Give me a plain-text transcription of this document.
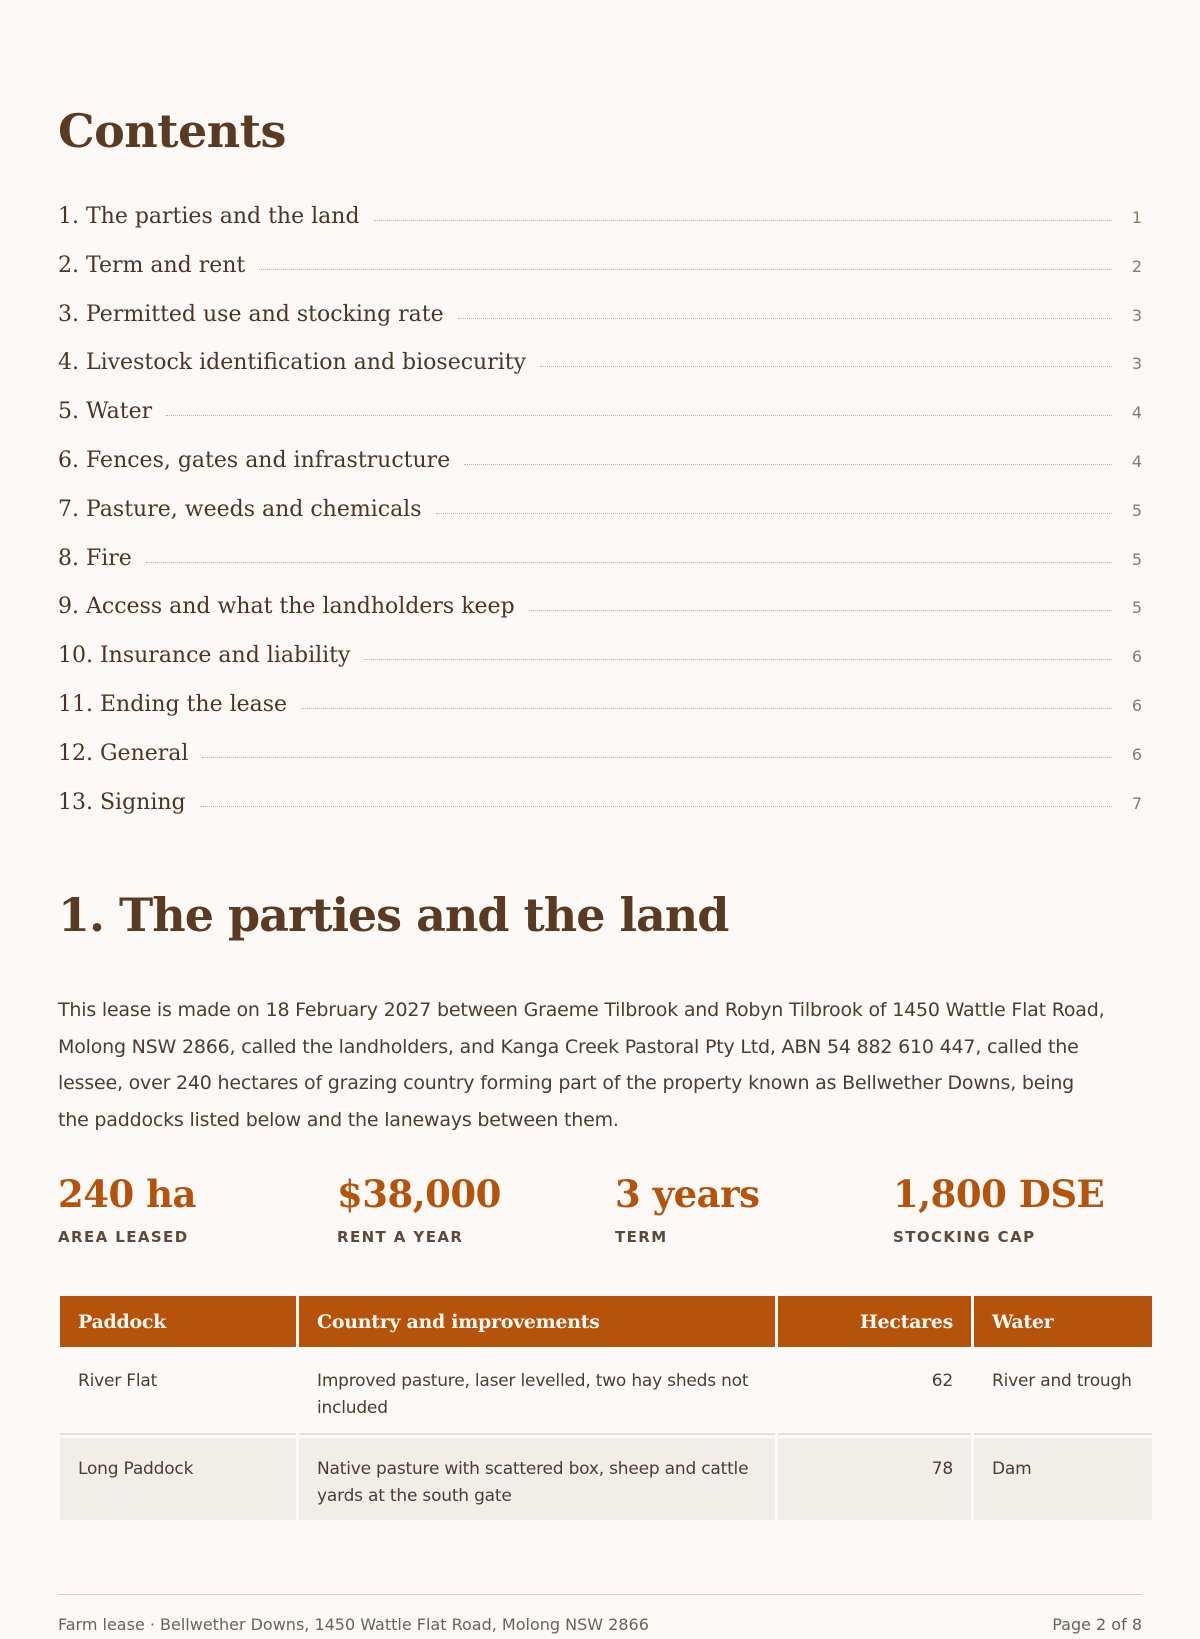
Contents
1. The parties and the land	1
2. Term and rent	2
3. Permitted use and stocking rate	3
4. Livestock identification and biosecurity	3
5. Water	4
6. Fences, gates and infrastructure	4
7. Pasture, weeds and chemicals	5
8. Fire	5
9. Access and what the landholders keep	5
10. Insurance and liability	6
11. Ending the lease	6
12. General	6
13. Signing	7
1. The parties and the land

This lease is made on 18 February 2027 between Graeme Tilbrook and Robyn Tilbrook of 1450 Wattle Flat Road, Molong NSW 2866, called the landholders, and Kanga Creek Pastoral Pty Ltd, ABN 54 882 610 447, called the lessee, over 240 hectares of grazing country forming part of the property known as Bellwether Downs, being the paddocks listed below and the laneways between them.

240 ha
AREA LEASED
$38,000
RENT A YEAR
3 years
TERM
1,800 DSE
STOCKING CAP
Paddock	Country and improvements	Hectares	Water
River Flat	Improved pasture, laser levelled, two hay sheds not included	62	River and trough
Long Paddock	Native pasture with scattered box, sheep and cattle yards at the south gate	78	Dam
Farm lease · Bellwether Downs, 1450 Wattle Flat Road, Molong NSW 2866	Page 2 of 8
